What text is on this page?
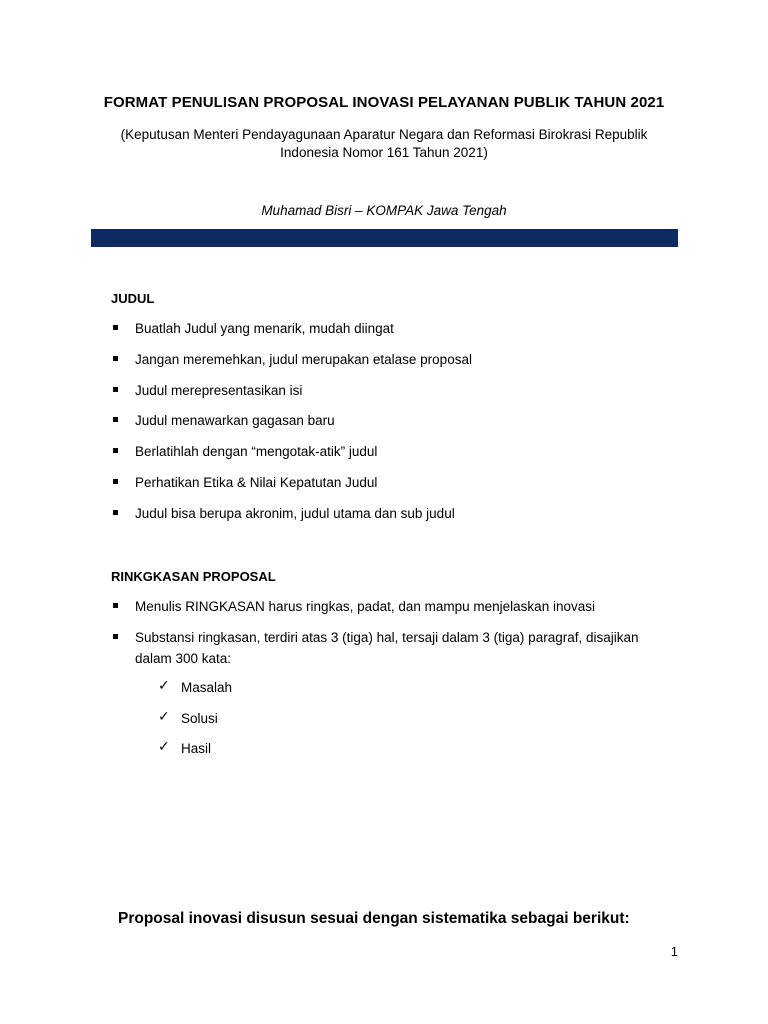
FORMAT PENULISAN PROPOSAL INOVASI PELAYANAN PUBLIK TAHUN 2021
(Keputusan Menteri Pendayagunaan Aparatur Negara dan Reformasi Birokrasi Republik Indonesia Nomor 161 Tahun 2021)
Muhamad Bisri – KOMPAK Jawa Tengah
JUDUL
Buatlah Judul yang menarik, mudah diingat
Jangan meremehkan, judul merupakan etalase proposal
Judul merepresentasikan isi
Judul menawarkan gagasan baru
Berlatihlah dengan “mengotak-atik” judul
Perhatikan Etika & Nilai Kepatutan Judul
Judul bisa berupa akronim, judul utama dan sub judul
RINKGKASAN PROPOSAL
Menulis RINGKASAN harus ringkas, padat, dan mampu menjelaskan inovasi
Substansi ringkasan, terdiri atas 3 (tiga) hal, tersaji dalam 3 (tiga) paragraf, disajikan dalam 300 kata:
✓ Masalah
✓ Solusi
✓ Hasil
Proposal inovasi disusun sesuai dengan sistematika sebagai berikut:
1
